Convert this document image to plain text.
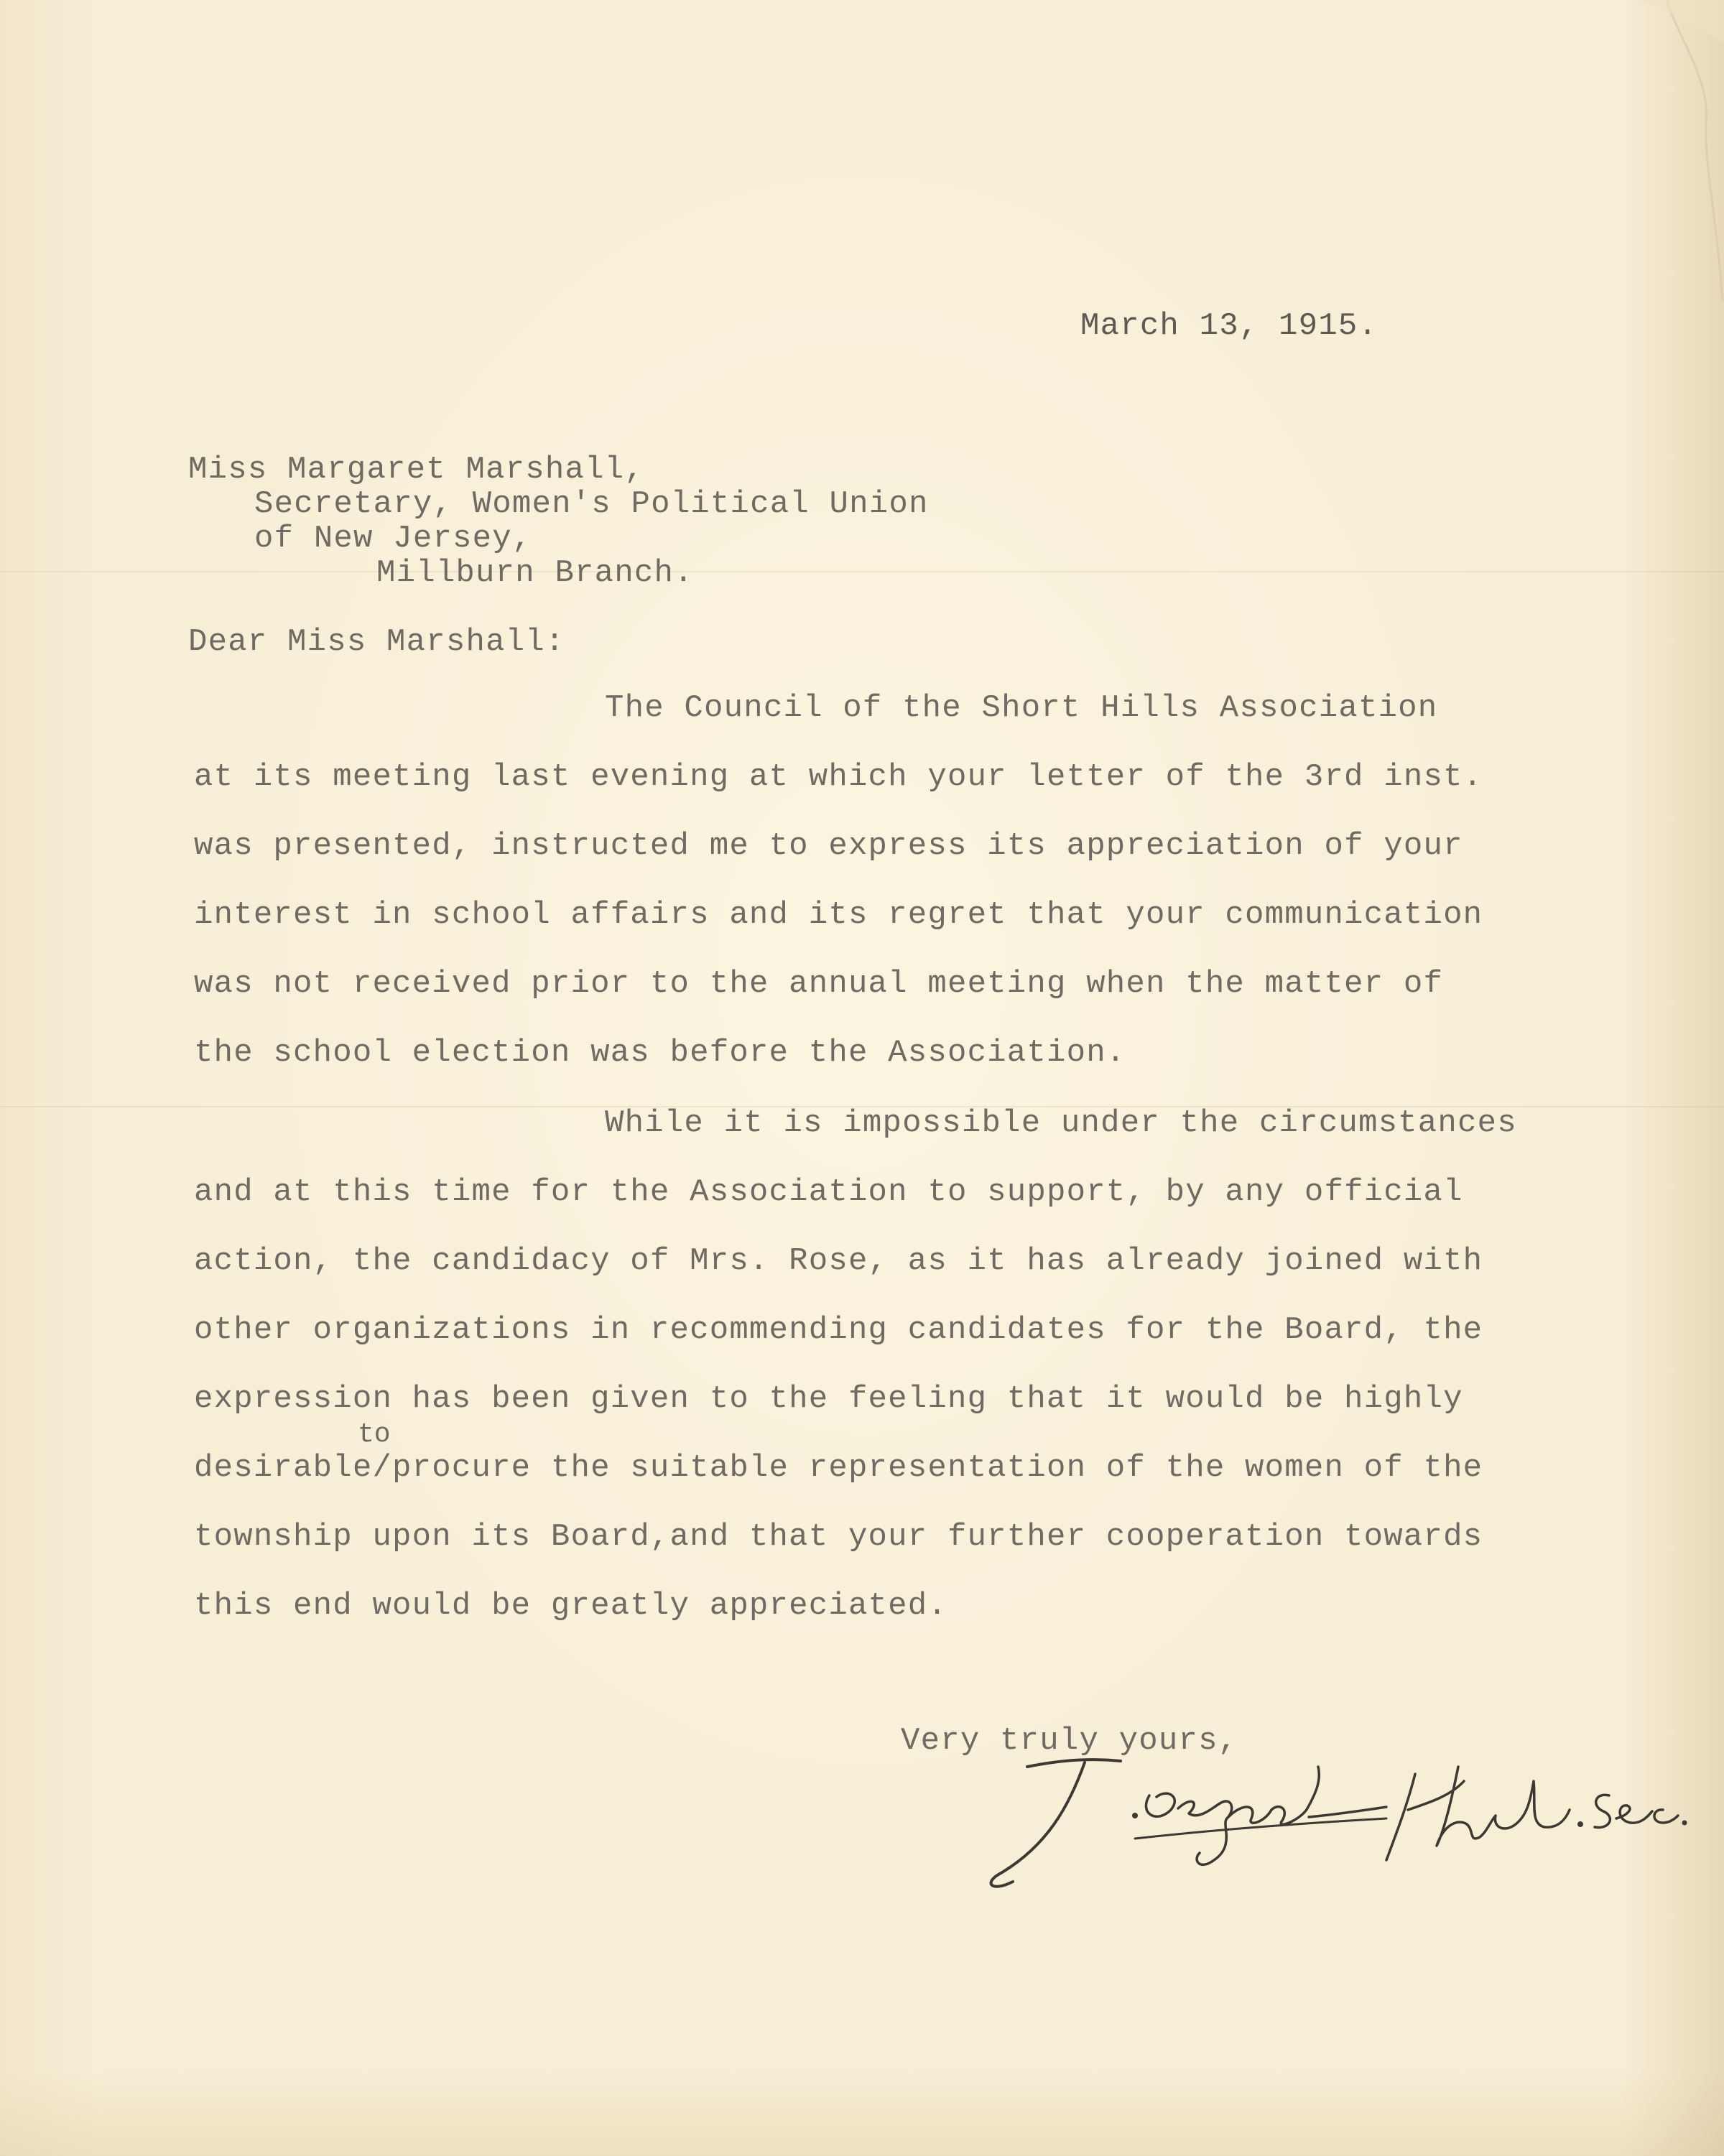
March 13, 1915.

Miss Margaret Marshall,

Secretary, Women's Political Union

of New Jersey,

Millburn Branch.

Dear Miss Marshall:

The Council of the Short Hills Association

at its meeting last evening at which your letter of the 3rd inst.

was presented, instructed me to express its appreciation of your

interest in school affairs and its regret that your communication

was not received prior to the annual meeting when the matter of

the school election was before the Association.

While it is impossible under the circumstances

and at this time for the Association to support, by any official

action, the candidacy of Mrs. Rose, as it has already joined with

other organizations in recommending candidates for the Board, the

expression has been given to the feeling that it would be highly

to

desirable/procure the suitable representation of the women of the

township upon its Board,and that your further cooperation towards

this end would be greatly appreciated.

Very truly yours,
